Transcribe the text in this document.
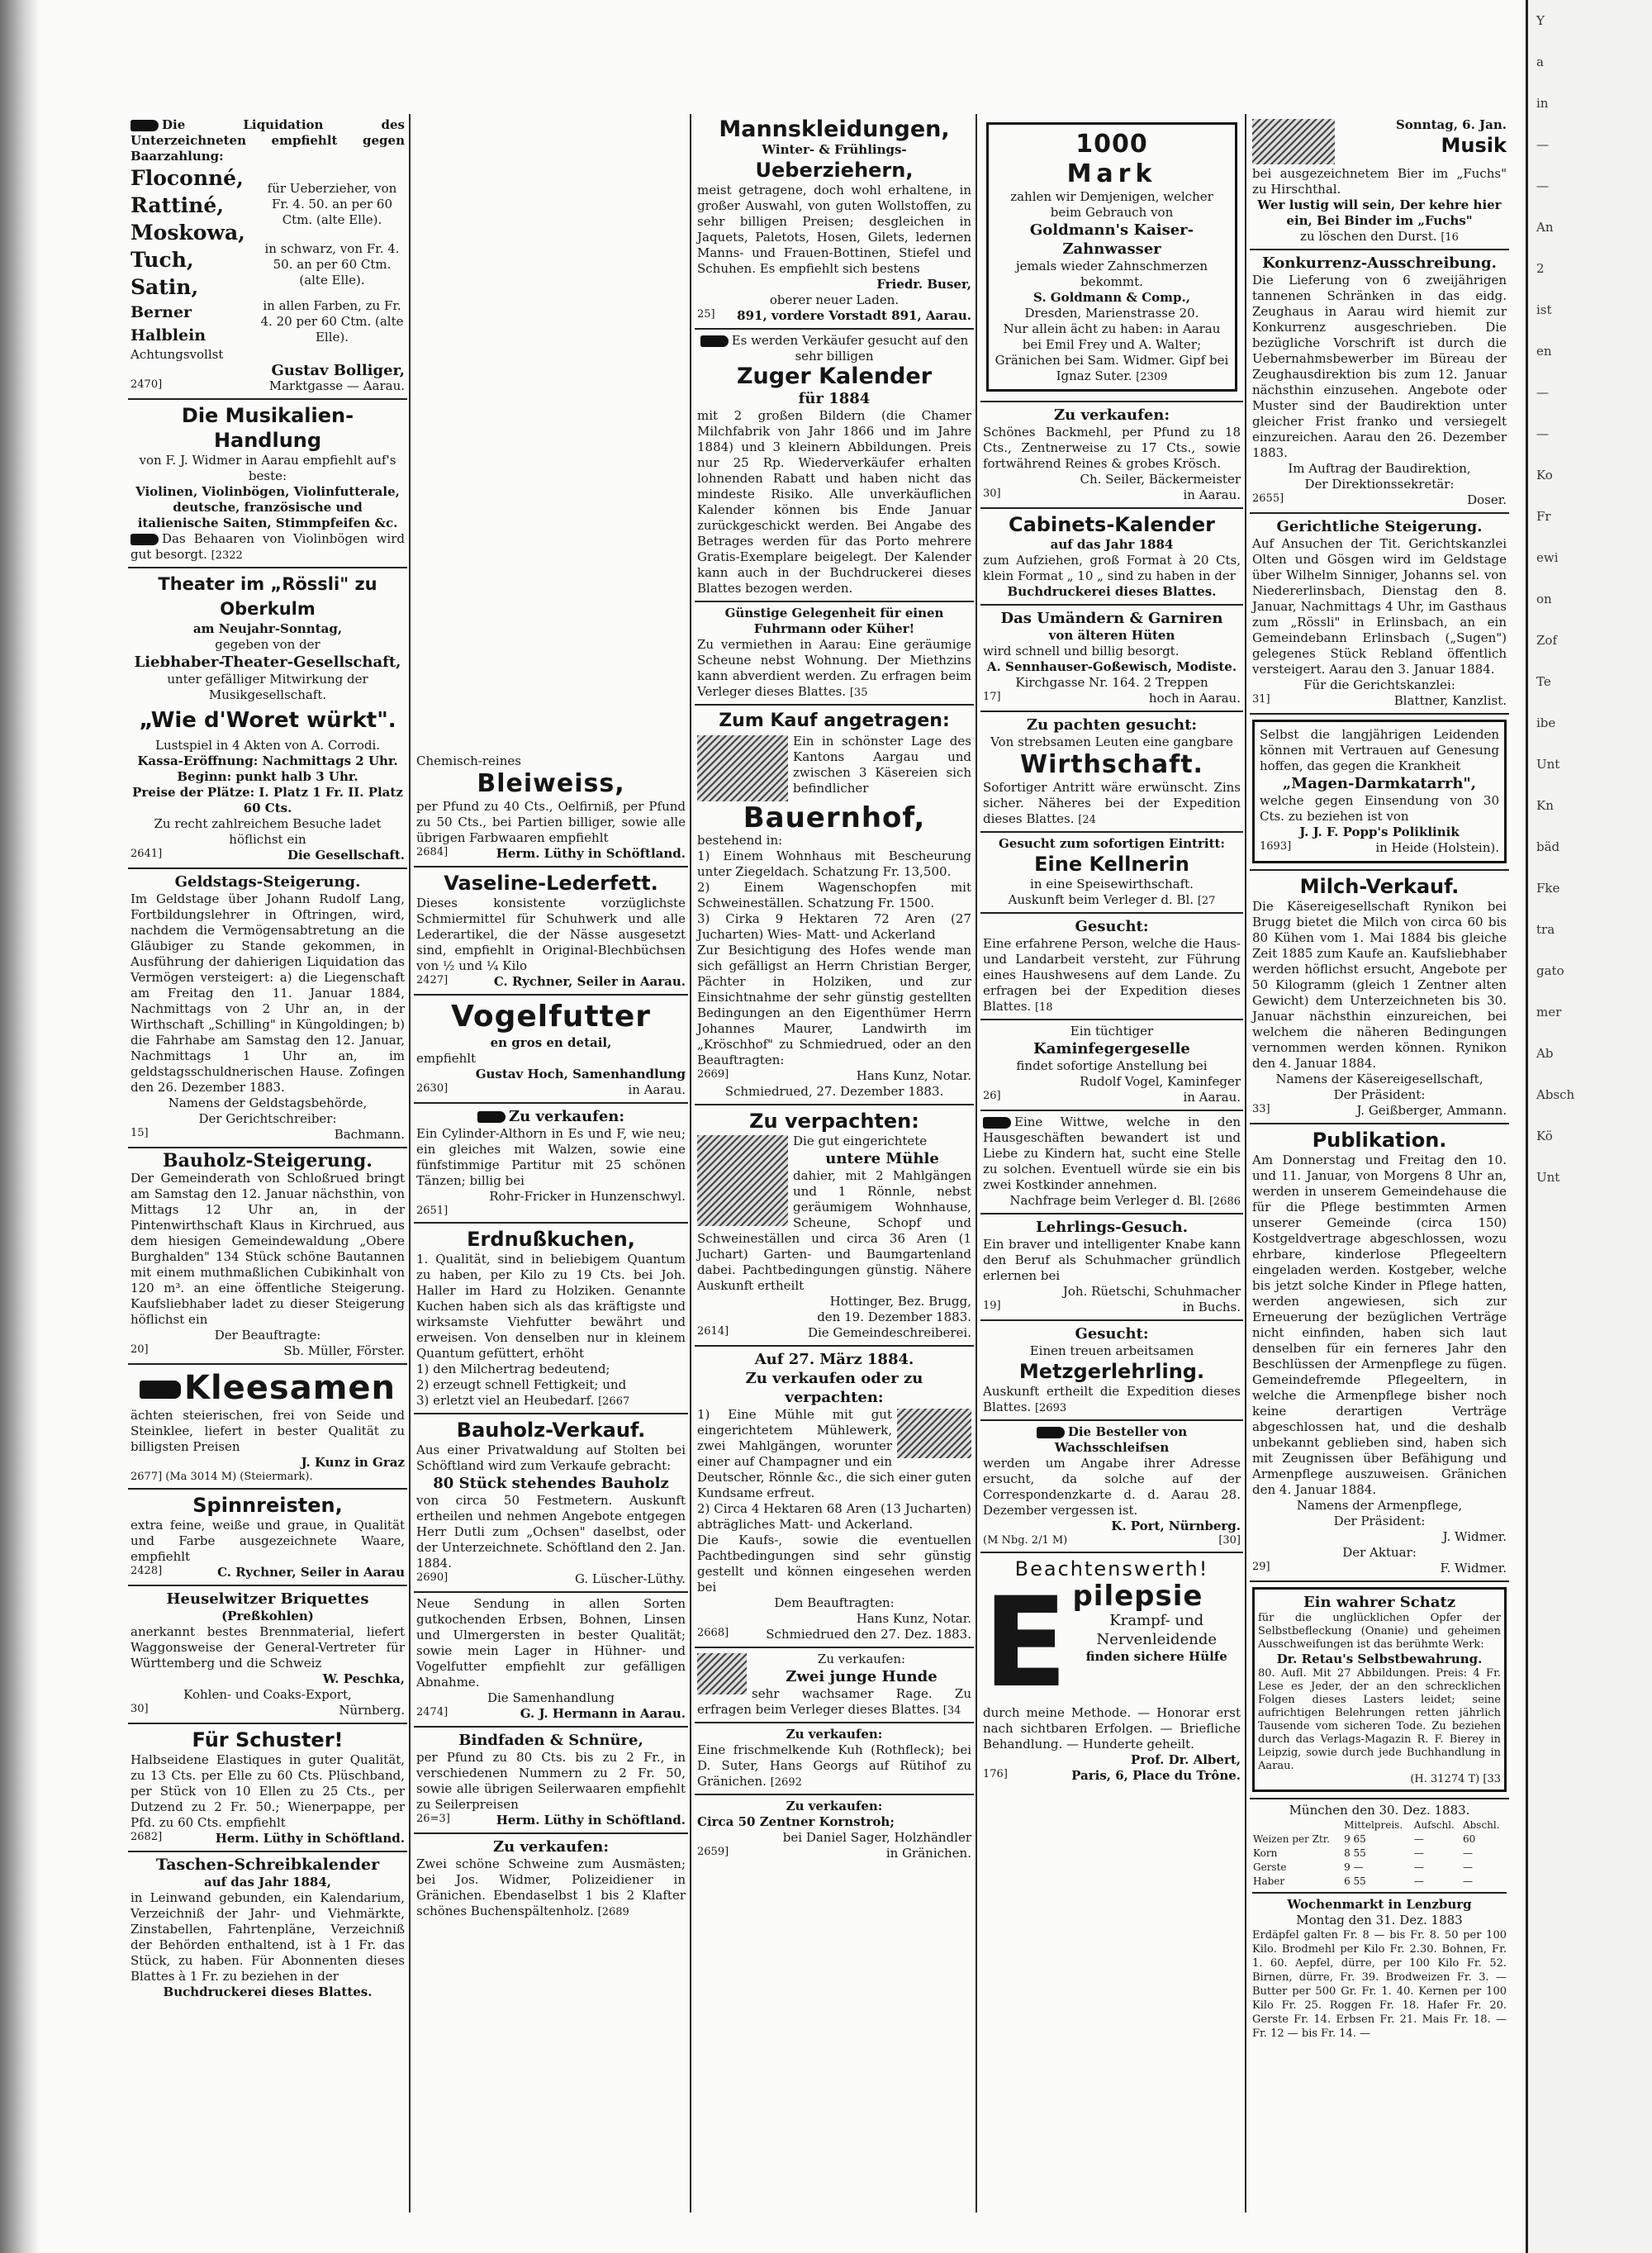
Y
a
in
—
—
An
2
ist
en
—
—
Ko
Fr
ewi
on
Zof
Te
ibe
Unt
Kn
bäd
Fke
tra
gato
mer
Ab
Absch
Kö
Unt

Die Liquidation des Unterzeichneten empfiehlt gegen Baarzahlung:

Floconné,

Rattiné,

Moskowa,

Tuch,

Satin,

Berner Halblein

für Ueberzieher, von Fr. 4. 50. an per 60 Ctm. (alte Elle).

in schwarz, von Fr. 4. 50. an per 60 Ctm. (alte Elle).

in allen Farben, zu Fr. 4. 20 per 60 Ctm. (alte Elle).

Achtungsvollst

Gustav Bolliger,

2470]	Marktgasse — Aarau.

Die Musikalien-Handlung

von F. J. Widmer in Aarau empfiehlt auf's beste:

Violinen, Violinbögen, Violinfutterale, deutsche, französische und italienische Saiten, Stimmpfeifen &c.

Das Behaaren von Violinbögen wird gut besorgt. [2322

Theater im „Rössli" zu Oberkulm

am Neujahr-Sonntag,

gegeben von der

Liebhaber-Theater-Gesellschaft,

unter gefälliger Mitwirkung der Musikgesellschaft.

„Wie d'Woret würkt".

Lustspiel in 4 Akten von A. Corrodi.

Kassa-Eröffnung: Nachmittags 2 Uhr. Beginn: punkt halb 3 Uhr.

Preise der Plätze: I. Platz 1 Fr. II. Platz 60 Cts.

Zu recht zahlreichem Besuche ladet höflichst ein

2641]	Die Gesellschaft.

Geldstags-Steigerung.

Im Geldstage über Johann Rudolf Lang, Fortbildungslehrer in Oftringen, wird, nachdem die Vermögensabtretung an die Gläubiger zu Stande gekommen, in Ausführung der dahierigen Liquidation das Vermögen versteigert: a) die Liegenschaft am Freitag den 11. Januar 1884, Nachmittags von 2 Uhr an, in der Wirthschaft „Schilling" in Küngoldingen; b) die Fahrhabe am Samstag den 12. Januar, Nachmittags 1 Uhr an, im geldstagsschuldnerischen Hause. Zofingen den 26. Dezember 1883.

Namens der Geldstagsbehörde,

Der Gerichtschreiber:

15]	Bachmann.

Bauholz-Steigerung.

Der Gemeinderath von Schloßrued bringt am Samstag den 12. Januar nächsthin, von Mittags 12 Uhr an, in der Pintenwirthschaft Klaus in Kirchrued, aus dem hiesigen Gemeindewaldung „Obere Burghalden" 134 Stück schöne Bautannen mit einem muthmaßlichen Cubikinhalt von 120 m³. an eine öffentliche Steigerung. Kaufsliebhaber ladet zu dieser Steigerung höflichst ein

Der Beauftragte:

20]	Sb. Müller, Förster.

Kleesamen

ächten steierischen, frei von Seide und Steinklee, liefert in bester Qualität zu billigsten Preisen

J. Kunz in Graz

2677] (Ma 3014 M) (Steiermark).

Spinnreisten,

extra feine, weiße und graue, in Qualität und Farbe ausgezeichnete Waare, empfiehlt

2428]	C. Rychner, Seiler in Aarau

Heuselwitzer Briquettes

(Preßkohlen)

anerkannt bestes Brennmaterial, liefert Waggonsweise der General-Vertreter für Württemberg und die Schweiz

W. Peschka,

Kohlen- und Coaks-Export,

30]	Nürnberg.

Für Schuster!

Halbseidene Elastiques in guter Qualität, zu 13 Cts. per Elle zu 60 Cts. Plüschband, per Stück von 10 Ellen zu 25 Cts., per Dutzend zu 2 Fr. 50.; Wienerpappe, per Pfd. zu 60 Cts. empfiehlt

2682]	Herm. Lüthy in Schöftland.

Taschen-Schreibkalender

auf das Jahr 1884,

in Leinwand gebunden, ein Kalendarium, Verzeichniß der Jahr- und Viehmärkte, Zinstabellen, Fahrtenpläne, Verzeichniß der Behörden enthaltend, ist à 1 Fr. das Stück, zu haben. Für Abonnenten dieses Blattes à 1 Fr. zu beziehen in der

Buchdruckerei dieses Blattes.

Chemisch-reines

Bleiweiss,

per Pfund zu 40 Cts., Oelfirniß, per Pfund zu 50 Cts., bei Partien billiger, sowie alle übrigen Farbwaaren empfiehlt

2684]	Herm. Lüthy in Schöftland.

Vaseline-Lederfett.

Dieses konsistente vorzüglichste Schmiermittel für Schuhwerk und alle Lederartikel, die der Nässe ausgesetzt sind, empfiehlt in Original-Blechbüchsen von ½ und ¼ Kilo

2427]	C. Rychner, Seiler in Aarau.

Vogelfutter

en gros en detail,

empfiehlt

Gustav Hoch, Samenhandlung

2630]	in Aarau.

Zu verkaufen:

Ein Cylinder-Althorn in Es und F, wie neu; ein gleiches mit Walzen, sowie eine fünfstimmige Partitur mit 25 schönen Tänzen; billig bei

Rohr-Fricker in Hunzenschwyl.

2651]

Erdnußkuchen,

1. Qualität, sind in beliebigem Quantum zu haben, per Kilo zu 19 Cts. bei Joh. Haller im Hard zu Holziken. Genannte Kuchen haben sich als das kräftigste und wirksamste Viehfutter bewährt und erweisen. Von denselben nur in kleinem Quantum gefüttert, erhöht

1) den Milchertrag bedeutend;

2) erzeugt schnell Fettigkeit; und

3) erletzt viel an Heubedarf. [2667

Bauholz-Verkauf.

Aus einer Privatwaldung auf Stolten bei Schöftland wird zum Verkaufe gebracht:

80 Stück stehendes Bauholz

von circa 50 Festmetern. Auskunft ertheilen und nehmen Angebote entgegen Herr Dutli zum „Ochsen" daselbst, oder der Unterzeichnete. Schöftland den 2. Jan. 1884.

2690]	G. Lüscher-Lüthy.

Neue Sendung in allen Sorten gutkochenden Erbsen, Bohnen, Linsen und Ulmergersten in bester Qualität; sowie mein Lager in Hühner- und Vogelfutter empfiehlt zur gefälligen Abnahme.

Die Samenhandlung

2474]	G. J. Hermann in Aarau.

Bindfaden & Schnüre,

per Pfund zu 80 Cts. bis zu 2 Fr., in verschiedenen Nummern zu 2 Fr. 50, sowie alle übrigen Seilerwaaren empfiehlt zu Seilerpreisen

26=3]	Herm. Lüthy in Schöftland.

Zu verkaufen:

Zwei schöne Schweine zum Ausmästen; bei Jos. Widmer, Polizeidiener in Gränichen. Ebendaselbst 1 bis 2 Klafter schönes Buchenspältenholz. [2689

Mannskleidungen,

Winter- & Frühlings-

Ueberziehern,

meist getragene, doch wohl erhaltene, in großer Auswahl, von guten Wollstoffen, zu sehr billigen Preisen; desgleichen in Jaquets, Paletots, Hosen, Gilets, ledernen Manns- und Frauen-Bottinen, Stiefel und Schuhen. Es empfiehlt sich bestens

Friedr. Buser,

oberer neuer Laden.

25] 891, vordere Vorstadt 891, Aarau.

Es werden Verkäufer gesucht auf den sehr billigen

Zuger Kalender

für 1884

mit 2 großen Bildern (die Chamer Milchfabrik von Jahr 1866 und im Jahre 1884) und 3 kleinern Abbildungen. Preis nur 25 Rp. Wiederverkäufer erhalten lohnenden Rabatt und haben nicht das mindeste Risiko. Alle unverkäuflichen Kalender können bis Ende Januar zurückgeschickt werden. Bei Angabe des Betrages werden für das Porto mehrere Gratis-Exemplare beigelegt. Der Kalender kann auch in der Buchdruckerei dieses Blattes bezogen werden.

Günstige Gelegenheit für einen Fuhrmann oder Küher!

Zu vermiethen in Aarau: Eine geräumige Scheune nebst Wohnung. Der Miethzins kann abverdient werden. Zu erfragen beim Verleger dieses Blattes. [35

Zum Kauf angetragen:

Ein in schönster Lage des Kantons Aargau und zwischen 3 Käsereien sich befindlicher

Bauernhof,

bestehend in:

1) Einem Wohnhaus mit Bescheurung unter Ziegeldach. Schatzung Fr. 13,500.

2) Einem Wagenschopfen mit Schweineställen. Schatzung Fr. 1500.

3) Cirka 9 Hektaren 72 Aren (27 Jucharten) Wies- Matt- und Ackerland

Zur Besichtigung des Hofes wende man sich gefälligst an Herrn Christian Berger, Pächter in Holziken, und zur Einsichtnahme der sehr günstig gestellten Bedingungen an den Eigenthümer Herrn Johannes Maurer, Landwirth im „Kröschhof" zu Schmiedrued, oder an den Beauftragten:

2669]	Hans Kunz, Notar.

Schmiedrued, 27. Dezember 1883.

Zu verpachten:

Die gut eingerichtete

untere Mühle

dahier, mit 2 Mahlgängen und 1 Rönnle, nebst geräumigem Wohnhause, Scheune, Schopf und Schweineställen und circa 36 Aren (1 Juchart) Garten- und Baumgartenland dabei. Pachtbedingungen günstig. Nähere Auskunft ertheilt

Hottinger, Bez. Brugg,

den 19. Dezember 1883.

2614]	Die Gemeindeschreiberei.

Auf 27. März 1884.

Zu verkaufen oder zu verpachten:

1) Eine Mühle mit gut eingerichtetem Mühlewerk, zwei Mahlgängen, worunter einer auf Champagner und ein Deutscher, Rönnle &c., die sich einer guten Kundsame erfreut.

2) Circa 4 Hektaren 68 Aren (13 Jucharten) abträgliches Matt- und Ackerland.

Die Kaufs-, sowie die eventuellen Pachtbedingungen sind sehr günstig gestellt und können eingesehen werden bei

Dem Beauftragten:

Hans Kunz, Notar.

2668]	Schmiedrued den 27. Dez. 1883.

Zu verkaufen:

Zwei junge Hunde

sehr wachsamer Rage. Zu erfragen beim Verleger dieses Blattes. [34

Zu verkaufen:

Eine frischmelkende Kuh (Rothfleck); bei D. Suter, Hans Georgs auf Rütihof zu Gränichen. [2692

Zu verkaufen:

Circa 50 Zentner Kornstroh;

bei Daniel Sager, Holzhändler

2659]	in Gränichen.

1000

Mark

zahlen wir Demjenigen, welcher beim Gebrauch von

Goldmann's Kaiser-Zahnwasser

jemals wieder Zahnschmerzen bekommt.

S. Goldmann & Comp.,

Dresden, Marienstrasse 20.

Nur allein ächt zu haben: in Aarau bei Emil Frey und A. Walter; Gränichen bei Sam. Widmer. Gipf bei Ignaz Suter. [2309

Zu verkaufen:

Schönes Backmehl, per Pfund zu 18 Cts., Zentnerweise zu 17 Cts., sowie fortwährend Reines & grobes Krösch.

Ch. Seiler, Bäckermeister

30]	in Aarau.

Cabinets-Kalender

auf das Jahr 1884

zum Aufziehen, groß Format à 20 Cts, klein Format „ 10 „ sind zu haben in der

Buchdruckerei dieses Blattes.

Das Umändern & Garniren

von älteren Hüten

wird schnell und billig besorgt.

A. Sennhauser-Goßewisch, Modiste.

Kirchgasse Nr. 164. 2 Treppen

17]	hoch in Aarau.

Zu pachten gesucht:

Von strebsamen Leuten eine gangbare

Wirthschaft.

Sofortiger Antritt wäre erwünscht. Zins sicher. Näheres bei der Expedition dieses Blattes. [24

Gesucht zum sofortigen Eintritt:

Eine Kellnerin

in eine Speisewirthschaft.

Auskunft beim Verleger d. Bl. [27

Gesucht:

Eine erfahrene Person, welche die Haus- und Landarbeit versteht, zur Führung eines Haushwesens auf dem Lande. Zu erfragen bei der Expedition dieses Blattes. [18

Ein tüchtiger

Kaminfegergeselle

findet sofortige Anstellung bei

Rudolf Vogel, Kaminfeger

26]	in Aarau.

Eine Wittwe, welche in den Hausgeschäften bewandert ist und Liebe zu Kindern hat, sucht eine Stelle zu solchen. Eventuell würde sie ein bis zwei Kostkinder annehmen.

Nachfrage beim Verleger d. Bl. [2686

Lehrlings-Gesuch.

Ein braver und intelligenter Knabe kann den Beruf als Schuhmacher gründlich erlernen bei

Joh. Rüetschi, Schuhmacher

19]	in Buchs.

Gesucht:

Einen treuen arbeitsamen

Metzgerlehrling.

Auskunft ertheilt die Expedition dieses Blattes. [2693

Die Besteller von Wachsschleifsen

werden um Angabe ihrer Adresse ersucht, da solche auf der Correspondenzkarte d. d. Aarau 28. Dezember vergessen ist.

K. Port, Nürnberg.

(M Nbg. 2/1 M)	[30]

Beachtenswerth!

E pilepsie

Krampf- und Nervenleidende

finden sichere Hülfe

durch meine Methode. — Honorar erst nach sichtbaren Erfolgen. — Briefliche Behandlung. — Hunderte geheilt.

Prof. Dr. Albert,

176]	Paris, 6, Place du Trône.

Sonntag, 6. Jan.

Musik

bei ausgezeichnetem Bier im „Fuchs" zu Hirschthal.

Wer lustig will sein, Der kehre hier ein, Bei Binder im „Fuchs"

zu löschen den Durst. [16

Konkurrenz-Ausschreibung.

Die Lieferung von 6 zweijährigen tannenen Schränken in das eidg. Zeughaus in Aarau wird hiemit zur Konkurrenz ausgeschrieben. Die bezügliche Vorschrift ist durch die Uebernahmsbewerber im Büreau der Zeughausdirektion bis zum 12. Januar nächsthin einzusehen. Angebote oder Muster sind der Baudirektion unter gleicher Frist franko und versiegelt einzureichen. Aarau den 26. Dezember 1883.

Im Auftrag der Baudirektion,

Der Direktionssekretär:

2655]	Doser.

Gerichtliche Steigerung.

Auf Ansuchen der Tit. Gerichtskanzlei Olten und Gösgen wird im Geldstage über Wilhelm Sinniger, Johanns sel. von Niedererlinsbach, Dienstag den 8. Januar, Nachmittags 4 Uhr, im Gasthaus zum „Rössli" in Erlinsbach, an ein Gemeindebann Erlinsbach („Sugen") gelegenes Stück Rebland öffentlich versteigert. Aarau den 3. Januar 1884.

Für die Gerichtskanzlei:

31]	Blattner, Kanzlist.

Selbst die langjährigen Leidenden können mit Vertrauen auf Genesung hoffen, das gegen die Krankheit

„Magen-Darmkatarrh",

welche gegen Einsendung von 30 Cts. zu beziehen ist von

J. J. F. Popp's Poliklinik

1693]	in Heide (Holstein).

Milch-Verkauf.

Die Käsereigesellschaft Rynikon bei Brugg bietet die Milch von circa 60 bis 80 Kühen vom 1. Mai 1884 bis gleiche Zeit 1885 zum Kaufe an. Kaufsliebhaber werden höflichst ersucht, Angebote per 50 Kilogramm (gleich 1 Zentner alten Gewicht) dem Unterzeichneten bis 30. Januar nächsthin einzureichen, bei welchem die näheren Bedingungen vernommen werden können. Rynikon den 4. Januar 1884.

Namens der Käsereigesellschaft,

Der Präsident:

33]	J. Geißberger, Ammann.

Publikation.

Am Donnerstag und Freitag den 10. und 11. Januar, von Morgens 8 Uhr an, werden in unserem Gemeindehause die für die Pflege bestimmten Armen unserer Gemeinde (circa 150) Kostgeldvertrage abgeschlossen, wozu ehrbare, kinderlose Pflegeeltern eingeladen werden. Kostgeber, welche bis jetzt solche Kinder in Pflege hatten, werden angewiesen, sich zur Erneuerung der bezüglichen Verträge nicht einfinden, haben sich laut denselben für ein ferneres Jahr den Beschlüssen der Armenpflege zu fügen. Gemeindefremde Pflegeeltern, in welche die Armenpflege bisher noch keine derartigen Verträge abgeschlossen hat, und die deshalb unbekannt geblieben sind, haben sich mit Zeugnissen über Befähigung und Armenpflege auszuweisen. Gränichen den 4. Januar 1884.

Namens der Armenpflege,

Der Präsident:

J. Widmer.

Der Aktuar:

29]	F. Widmer.

Ein wahrer Schatz

für die unglücklichen Opfer der Selbstbefleckung (Onanie) und geheimen Ausschweifungen ist das berühmte Werk:

Dr. Retau's Selbstbewahrung.

80. Aufl. Mit 27 Abbildungen. Preis: 4 Fr. Lese es Jeder, der an den schrecklichen Folgen dieses Lasters leidet; seine aufrichtigen Belehrungen retten jährlich Tausende vom sicheren Tode. Zu beziehen durch das Verlags-Magazin R. F. Bierey in Leipzig, sowie durch jede Buchhandlung in Aarau.

(H. 31274 T) [33

München den 30. Dez. 1883.

	Mittelpreis.	Aufschl.	Abschl.
Weizen per Ztr.	9 65	—	60
Korn	8 55	—	—
Gerste	9 —	—	—
Haber	6 55	—	—

Wochenmarkt in Lenzburg

Montag den 31. Dez. 1883

Erdäpfel galten Fr. 8 — bis Fr. 8. 50 per 100 Kilo. Brodmehl per Kilo Fr. 2.30. Bohnen, Fr. 1. 60. Aepfel, dürre, per 100 Kilo Fr. 52. Birnen, dürre, Fr. 39. Brodweizen Fr. 3. — Butter per 500 Gr. Fr. 1. 40. Kernen per 100 Kilo Fr. 25. Roggen Fr. 18. Hafer Fr. 20. Gerste Fr. 14. Erbsen Fr. 21. Mais Fr. 18. — Fr. 12 — bis Fr. 14. —
